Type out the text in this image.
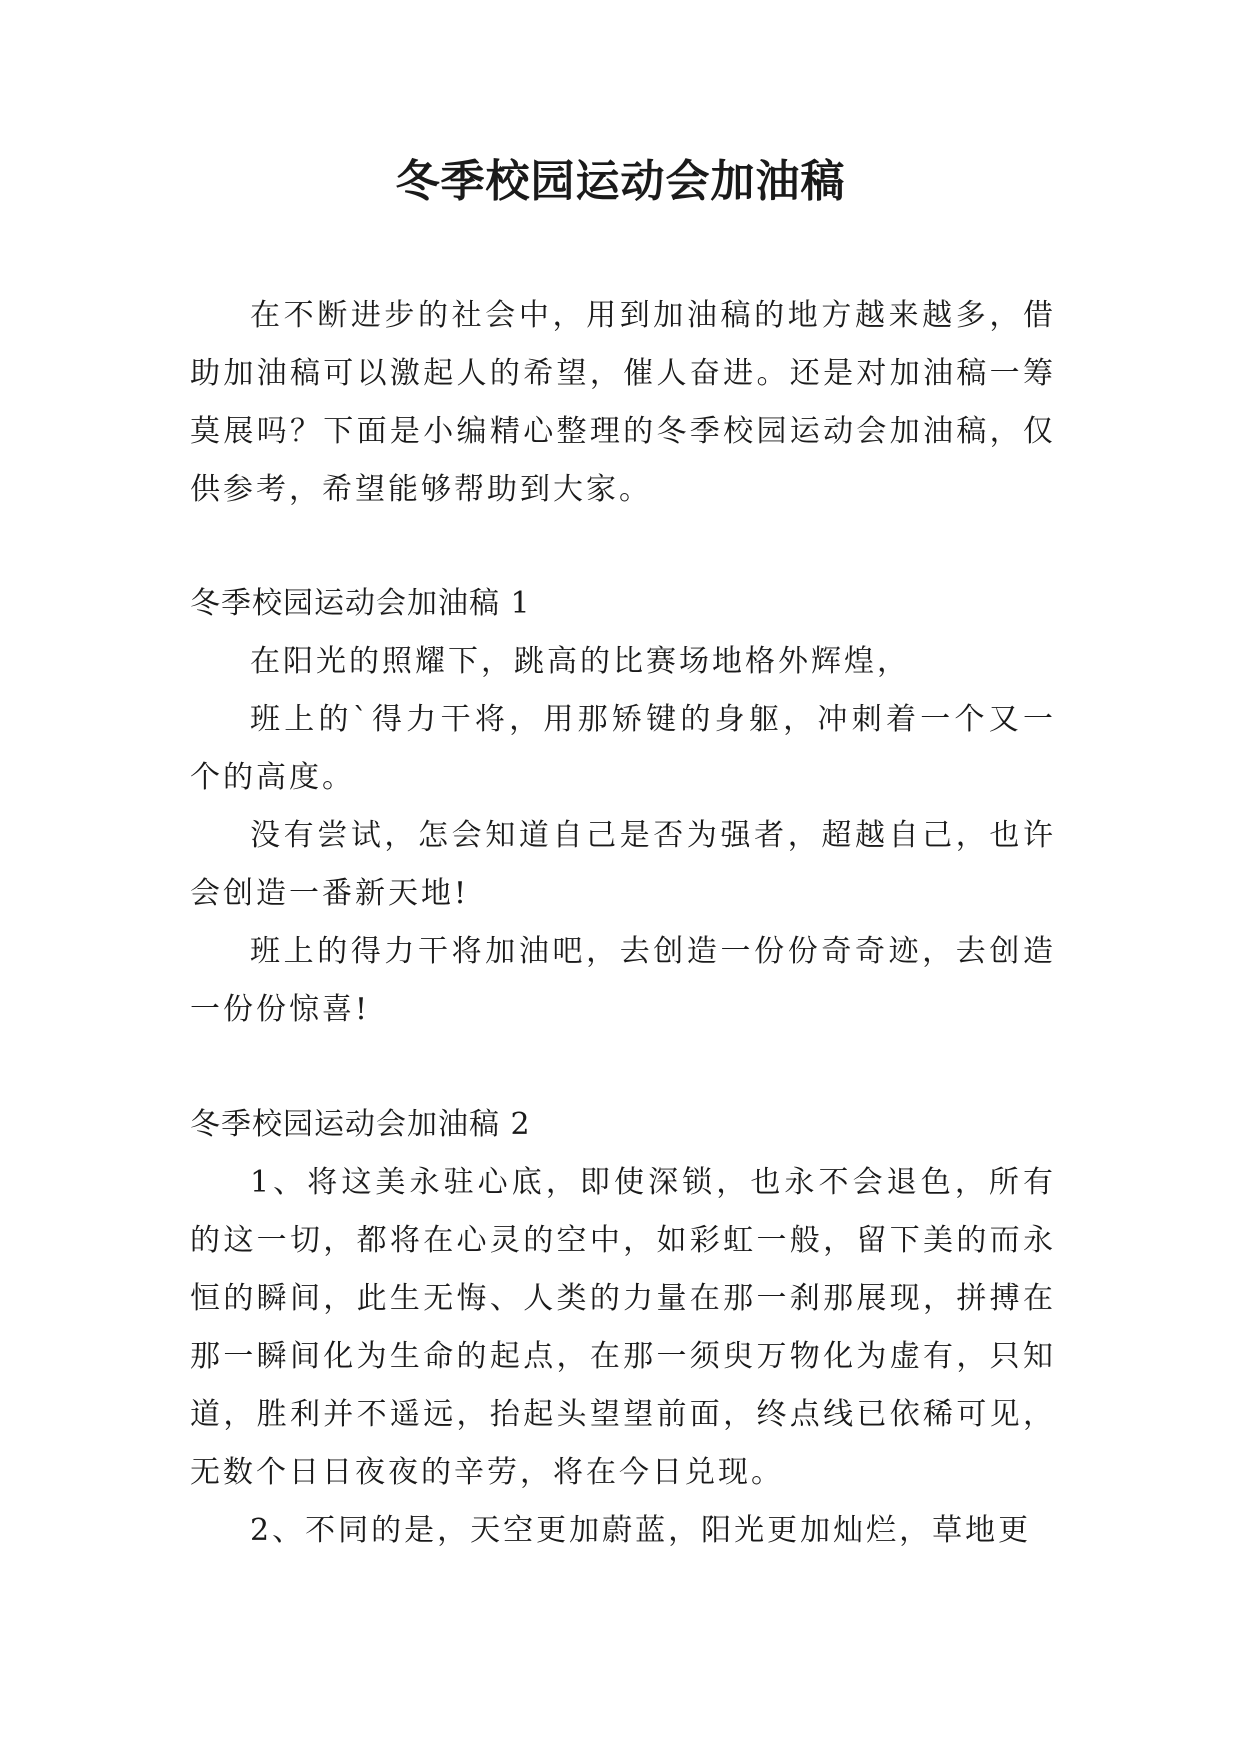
冬季校园运动会加油稿

在不断进步的社会中，用到加油稿的地方越来越多，借助加油稿可以激起人的希望，催人奋进。还是对加油稿一筹莫展吗？下面是小编精心整理的冬季校园运动会加油稿，仅供参考，希望能够帮助到大家。

冬季校园运动会加油稿 1

在阳光的照耀下，跳高的比赛场地格外辉煌，

班上的`得力干将，用那矫键的身躯，冲刺着一个又一个的高度。

没有尝试，怎会知道自己是否为强者，超越自己，也许会创造一番新天地!

班上的得力干将加油吧，去创造一份份奇奇迹，去创造一份份惊喜!

冬季校园运动会加油稿 2

1、将这美永驻心底，即使深锁，也永不会退色，所有的这一切，都将在心灵的空中，如彩虹一般，留下美的而永恒的瞬间，此生无悔、人类的力量在那一刹那展现，拼搏在那一瞬间化为生命的起点，在那一须臾万物化为虚有，只知道，胜利并不遥远，抬起头望望前面，终点线已依稀可见，无数个日日夜夜的辛劳，将在今日兑现。

2、不同的是，天空更加蔚蓝，阳光更加灿烂，草地更
